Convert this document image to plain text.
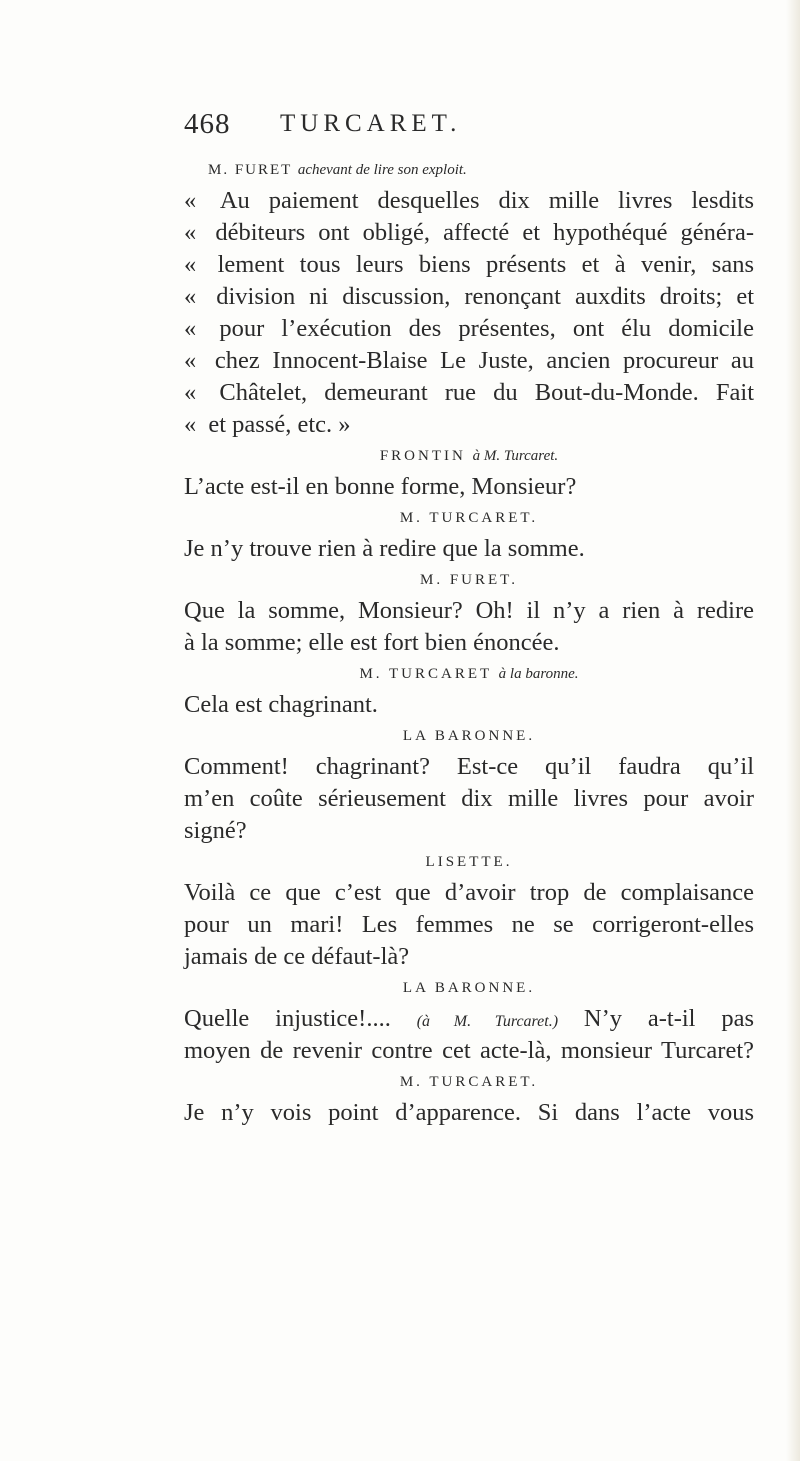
468 TURCARET.
M. FURET achevant de lire son exploit.
« Au paiement desquelles dix mille livres lesdits
« débiteurs ont obligé, affecté et hypothéqué généra-
« lement tous leurs biens présents et à venir, sans
« division ni discussion, renonçant auxdits droits; et
« pour l’exécution des présentes, ont élu domicile
« chez Innocent-Blaise Le Juste, ancien procureur au
« Châtelet, demeurant rue du Bout-du-Monde. Fait
« et passé, etc. »
FRONTIN à M. Turcaret.
L’acte est-il en bonne forme, Monsieur?
M. TURCARET.
Je n’y trouve rien à redire que la somme.
M. FURET.
Que la somme, Monsieur? Oh! il n’y a rien à redire
à la somme; elle est fort bien énoncée.
M. TURCARET à la baronne.
Cela est chagrinant.
LA BARONNE.
Comment! chagrinant? Est-ce qu’il faudra qu’il
m’en coûte sérieusement dix mille livres pour avoir
signé?
LISETTE.
Voilà ce que c’est que d’avoir trop de complaisance
pour un mari! Les femmes ne se corrigeront-elles
jamais de ce défaut-là?
LA BARONNE.
Quelle injustice!.... (à M. Turcaret.) N’y a-t-il pas
moyen de revenir contre cet acte-là, monsieur Turcaret?
M. TURCARET.
Je n’y vois point d’apparence. Si dans l’acte vous
